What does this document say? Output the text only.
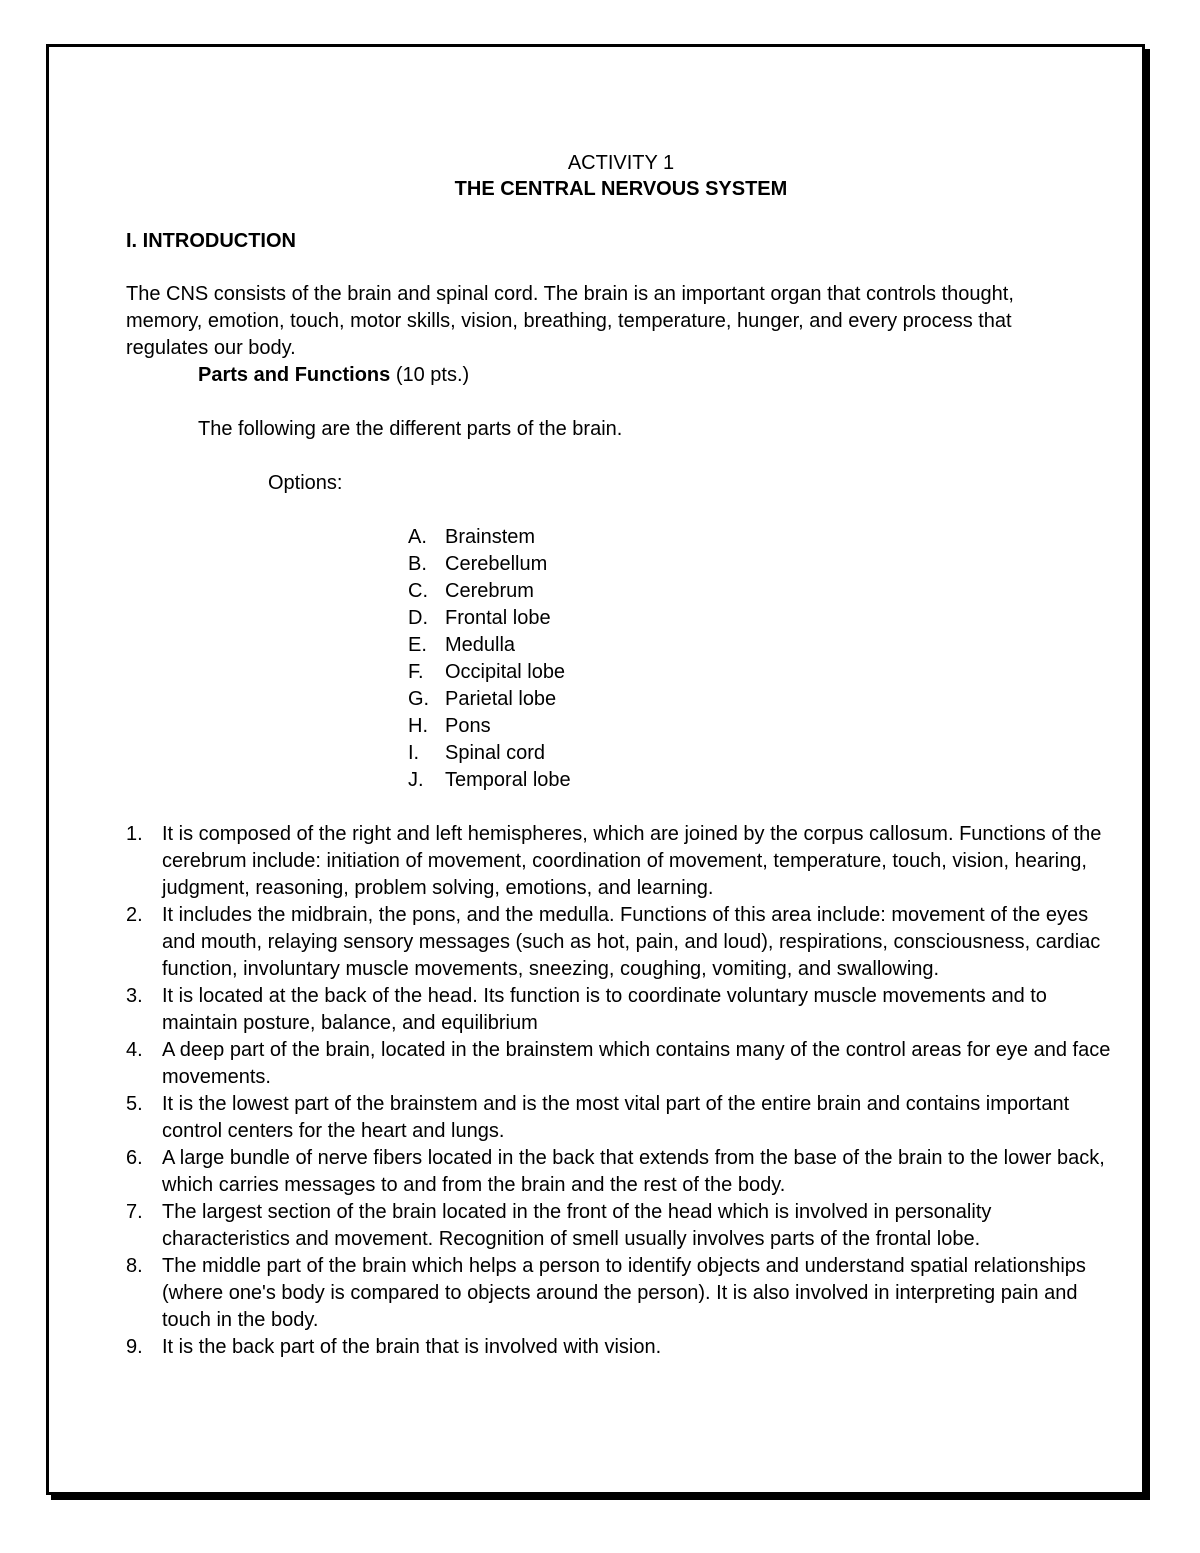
ACTIVITY 1
THE CENTRAL NERVOUS SYSTEM
I. INTRODUCTION
The CNS consists of the brain and spinal cord. The brain is an important organ that controls thought, memory, emotion, touch, motor skills, vision, breathing, temperature, hunger, and every process that regulates our body.
Parts and Functions (10 pts.)
The following are the different parts of the brain.
Options:
A. Brainstem
B. Cerebellum
C. Cerebrum
D. Frontal lobe
E. Medulla
F.	Occipital lobe
G. Parietal lobe
H. Pons
I.	Spinal cord
J.	Temporal lobe
1. It is composed of the right and left hemispheres, which are joined by the corpus callosum. Functions of the cerebrum include: initiation of movement, coordination of movement, temperature, touch, vision, hearing, judgment, reasoning, problem solving, emotions, and learning.
2. It includes the midbrain, the pons, and the medulla. Functions of this area include: movement of the eyes and mouth, relaying sensory messages (such as hot, pain, and loud), respirations, consciousness, cardiac function, involuntary muscle movements, sneezing, coughing, vomiting, and swallowing.
3. It is located at the back of the head. Its function is to coordinate voluntary muscle movements and to maintain posture, balance, and equilibrium
4. A deep part of the brain, located in the brainstem which contains many of the control areas for eye and face movements.
5. It is the lowest part of the brainstem and is the most vital part of the entire brain and contains important control centers for the heart and lungs.
6. A large bundle of nerve fibers located in the back that extends from the base of the brain to the lower back, which carries messages to and from the brain and the rest of the body.
7. The largest section of the brain located in the front of the head which is involved in personality characteristics and movement. Recognition of smell usually involves parts of the frontal lobe.
8. The middle part of the brain which helps a person to identify objects and understand spatial relationships (where one's body is compared to objects around the person). It is also involved in interpreting pain and touch in the body.
9. It is the back part of the brain that is involved with vision.
